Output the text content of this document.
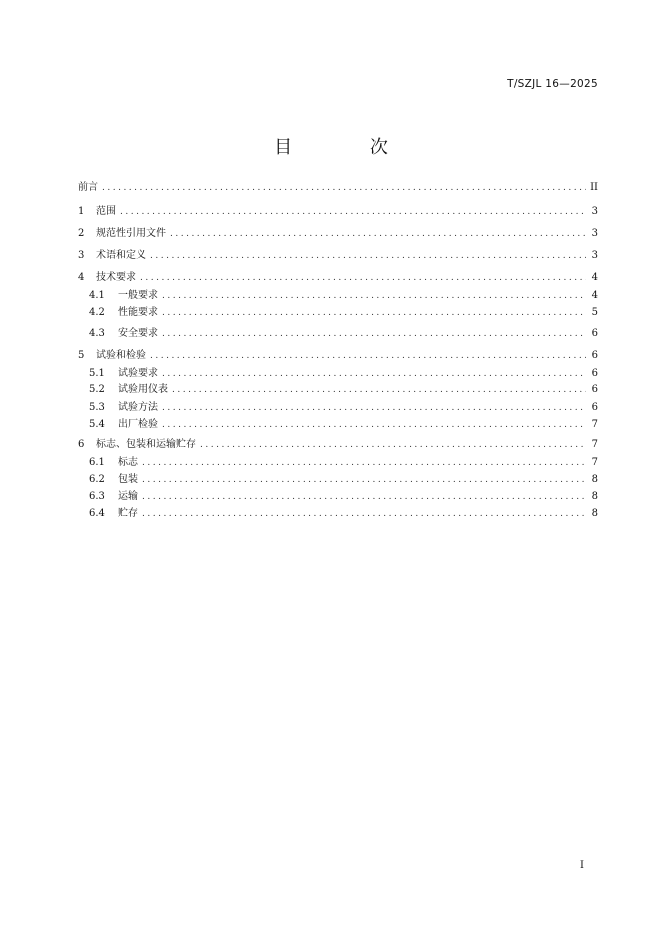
T/SZJL 16—2025
目 次
前言 .....	II
1	范围 .....	3
2	规范性引用文件 .....	3
3	术语和定义 .....	3
4	技术要求 .....	4
4.1	一般要求 .....	4
4.2	性能要求 .....	5
4.3	安全要求 .....	6
5	试验和检验 .....	6
5.1	试验要求 .....	6
5.2	试验用仪表 .....	6
5.3	试验方法 .....	6
5.4	出厂检验 .....	7
6	标志、包装和运输贮存 .....	7
6.1	标志 .....	7
6.2	包装 .....	8
6.3	运输 .....	8
6.4	贮存 .....	8
I
